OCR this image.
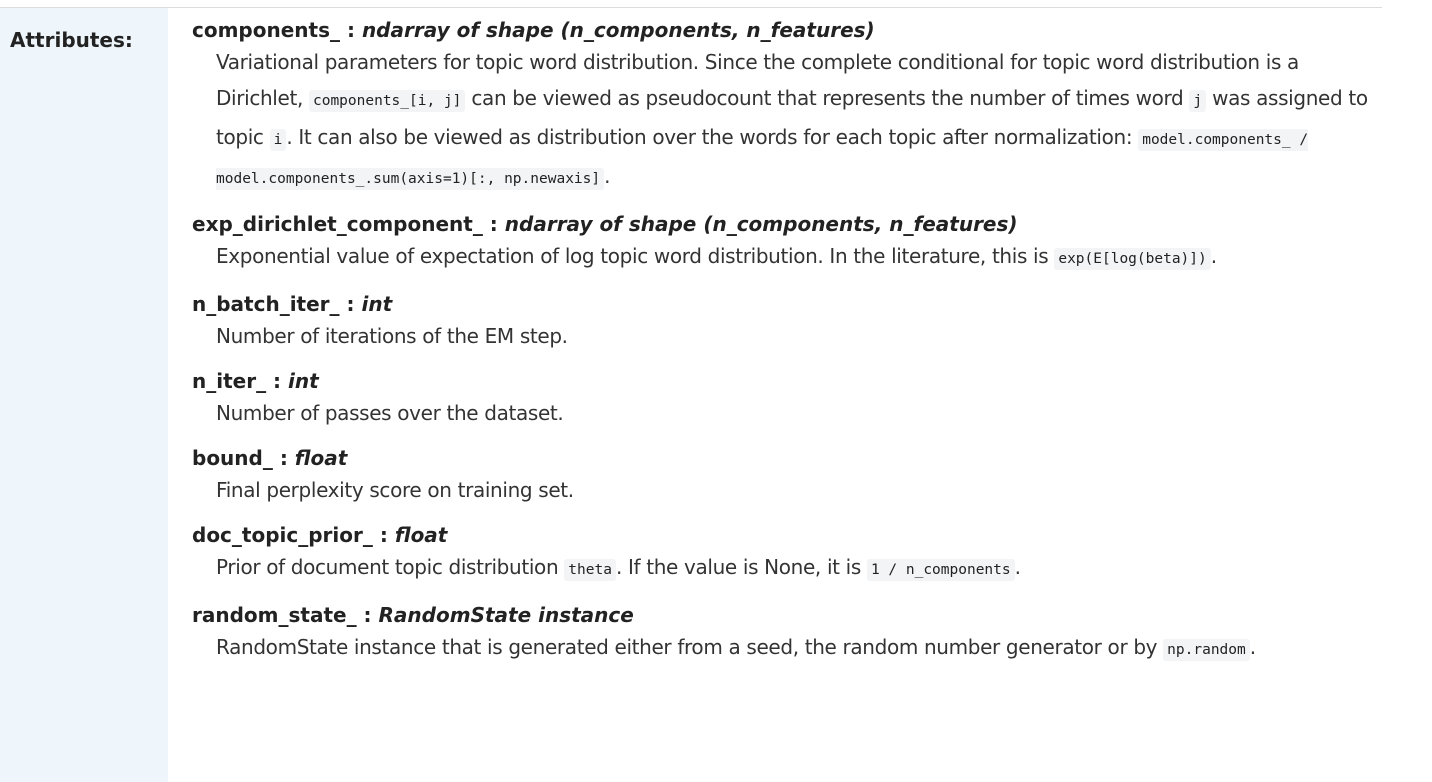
Attributes:	components_ : ndarray of shape (n_components, n_features)
Variational parameters for topic word distribution. Since the complete conditional for topic word distribution is a Dirichlet, components_[i, j] can be viewed as pseudocount that represents the number of times word j was assigned to topic i . It can also be viewed as distribution over the words for each topic after normalization: model.components_ / model.components_.sum(axis=1)[:, np.newaxis] .
exp_dirichlet_component_ : ndarray of shape (n_components, n_features)
Exponential value of expectation of log topic word distribution. In the literature, this is exp(E[log(beta)]) .
n_batch_iter_ : int
Number of iterations of the EM step.
n_iter_ : int
Number of passes over the dataset.
bound_ : float
Final perplexity score on training set.
doc_topic_prior_ : float
Prior of document topic distribution theta . If the value is None, it is 1 / n_components .
random_state_ : RandomState instance
RandomState instance that is generated either from a seed, the random number generator or by np.random .
